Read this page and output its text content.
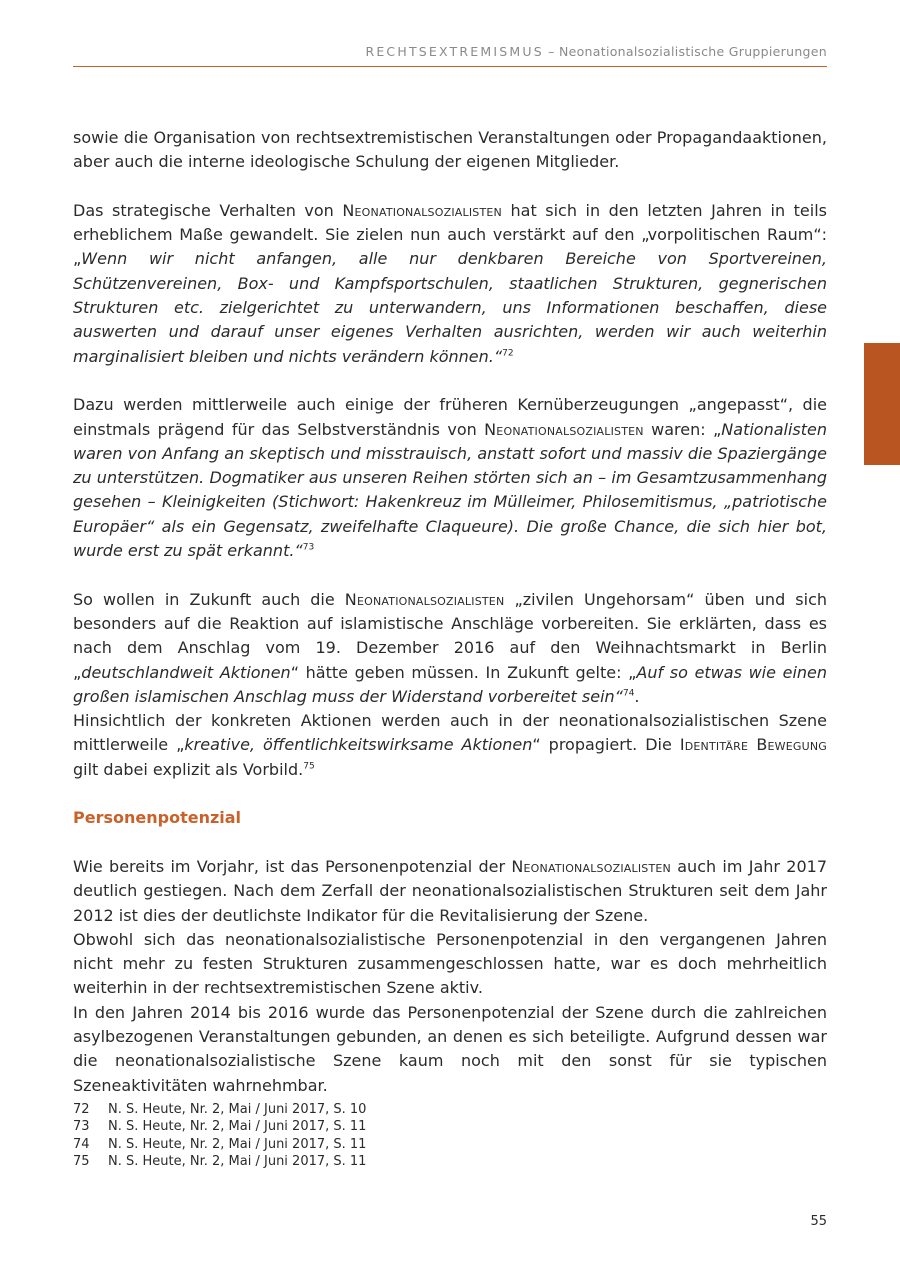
RECHTSEXTREMISMUS – Neonationalsozialistische Gruppierungen

sowie die Organisation von rechtsextremistischen Veranstaltungen oder Propagandaaktionen, aber auch die interne ideologische Schulung der eigenen Mitglieder.

Das strategische Verhalten von Neonationalsozialisten hat sich in den letzten Jahren in teils erheblichem Maße gewandelt. Sie zielen nun auch verstärkt auf den „vorpolitischen Raum“: „Wenn wir nicht anfangen, alle nur denkbaren Bereiche von Sportvereinen, Schützenvereinen, Box- und Kampfsportschulen, staatlichen Strukturen, gegnerischen Strukturen etc. zielgerichtet zu unterwandern, uns Informationen beschaffen, diese auswerten und darauf unser eigenes Verhalten ausrichten, werden wir auch weiterhin marginalisiert bleiben und nichts verändern können.“$^{72}$

Dazu werden mittlerweile auch einige der früheren Kernüberzeugungen „angepasst“, die einstmals prägend für das Selbstverständnis von Neonationalsozialisten waren: „Nationalisten waren von Anfang an skeptisch und misstrauisch, anstatt sofort und massiv die Spaziergänge zu unterstützen. Dogmatiker aus unseren Reihen störten sich an – im Gesamtzusammenhang gesehen – Kleinigkeiten (Stichwort: Hakenkreuz im Mülleimer, Philosemitismus, „patriotische Europäer“ als ein Gegensatz, zweifelhafte Claqueure). Die große Chance, die sich hier bot, wurde erst zu spät erkannt.“$^{73}$

So wollen in Zukunft auch die Neonationalsozialisten „zivilen Ungehorsam“ üben und sich besonders auf die Reaktion auf islamistische Anschläge vorbereiten. Sie erklärten, dass es nach dem Anschlag vom 19. Dezember 2016 auf den Weihnachtsmarkt in Berlin „deutschlandweit Aktionen“ hätte geben müssen. In Zukunft gelte: „Auf so etwas wie einen großen islamischen Anschlag muss der Widerstand vorbereitet sein“$^{74}$.

Hinsichtlich der konkreten Aktionen werden auch in der neonationalsozialistischen Szene mittlerweile „kreative, öffentlichkeitswirksame Aktionen“ propagiert. Die Identitäre Bewegung gilt dabei explizit als Vorbild.$^{75}$

Personenpotenzial

Wie bereits im Vorjahr, ist das Personenpotenzial der Neonationalsozialisten auch im Jahr 2017 deutlich gestiegen. Nach dem Zerfall der neonationalsozialistischen Strukturen seit dem Jahr 2012 ist dies der deutlichste Indikator für die Revitalisierung der Szene.

Obwohl sich das neonationalsozialistische Personenpotenzial in den vergangenen Jahren nicht mehr zu festen Strukturen zusammengeschlossen hatte, war es doch mehrheitlich weiterhin in der rechtsextremistischen Szene aktiv.

In den Jahren 2014 bis 2016 wurde das Personenpotenzial der Szene durch die zahlreichen asylbezogenen Veranstaltungen gebunden, an denen es sich beteiligte. Aufgrund dessen war die neonationalsozialistische Szene kaum noch mit den sonst für sie typischen Szeneaktivitäten wahrnehmbar.

72	N. S. Heute, Nr. 2, Mai / Juni 2017, S. 10
73	N. S. Heute, Nr. 2, Mai / Juni 2017, S. 11
74	N. S. Heute, Nr. 2, Mai / Juni 2017, S. 11
75	N. S. Heute, Nr. 2, Mai / Juni 2017, S. 11
55
